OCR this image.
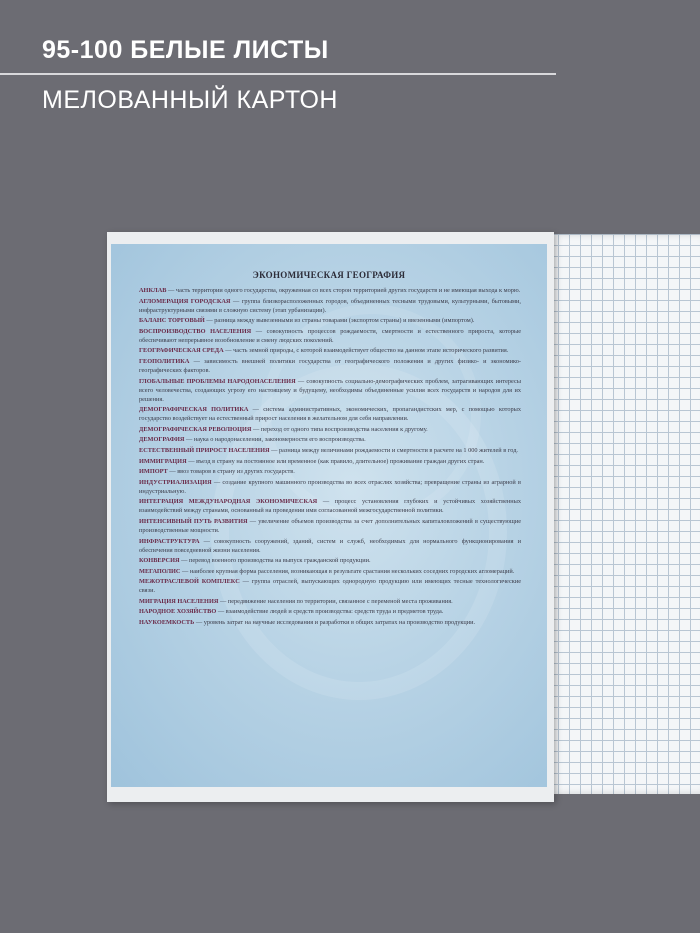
95-100 БЕЛЫЕ ЛИСТЫ
МЕЛОВАННЫЙ КАРТОН
ЭКОНОМИЧЕСКАЯ ГЕОГРАФИЯ
АНКЛАВ — часть территории одного государства, окруженная со всех сторон территорией других государств и не имеющая выхода к морю.
АГЛОМЕРАЦИЯ ГОРОДСКАЯ — группа близкорасположенных городов, объединенных тесными трудовыми, культурными, бытовыми, инфраструктурными связями в сложную систему (этап урбанизации).
БАЛАНС ТОРГОВЫЙ — разница между вывезенными из страны товарами (экспортом страны) и ввезенными (импортом).
ВОСПРОИЗВОДСТВО НАСЕЛЕНИЯ — совокупность процессов рождаемости, смертности и естественного прироста, которые обеспечивают непрерывное возобновление и смену людских поколений.
ГЕОГРАФИЧЕСКАЯ СРЕДА — часть земной природы, с которой взаимодействует общество на данном этапе исторического развития.
ГЕОПОЛИТИКА — зависимость внешней политики государства от географического положения и других физико- и экономико-географических факторов.
ГЛОБАЛЬНЫЕ ПРОБЛЕМЫ НАРОДОНАСЕЛЕНИЯ — совокупность социально-демографических проблем, затрагивающих интересы всего человечества, создающих угрозу его настоящему и будущему, необходимы объединенные усилия всех государств и народов для их решения.
ДЕМОГРАФИЧЕСКАЯ ПОЛИТИКА — система административных, экономических, пропагандистских мер, с помощью которых государство воздействует на естественный прирост населения в желательном для себя направлении.
ДЕМОГРАФИЧЕСКАЯ РЕВОЛЮЦИЯ — переход от одного типа воспроизводства населения к другому.
ДЕМОГРАФИЯ — наука о народонаселении, закономерности его воспроизводства.
ЕСТЕСТВЕННЫЙ ПРИРОСТ НАСЕЛЕНИЯ — разница между величинами рождаемости и смертности в расчете на 1 000 жителей в год.
ИММИГРАЦИЯ — въезд в страну на постоянное или временное (как правило, длительное) проживание граждан других стран.
ИМПОРТ — ввоз товаров в страну из других государств.
ИНДУСТРИАЛИЗАЦИЯ — создание крупного машинного производства во всех отраслях хозяйства; превращение страны из аграрной в индустриальную.
ИНТЕГРАЦИЯ МЕЖДУНАРОДНАЯ ЭКОНОМИЧЕСКАЯ — процесс установления глубоких и устойчивых хозяйственных взаимодействий между странами, основанный на проведении ими согласованной межгосударственной политики.
ИНТЕНСИВНЫЙ ПУТЬ РАЗВИТИЯ — увеличение объемов производства за счет дополнительных капиталовложений в существующие производственные мощности.
ИНФРАСТРУКТУРА — совокупность сооружений, зданий, систем и служб, необходимых для нормального функционирования и обеспечения повседневной жизни населения.
КОНВЕРСИЯ — перевод военного производства на выпуск гражданской продукции.
МЕГАПОЛИС — наиболее крупная форма расселения, возникающая в результате срастания нескольких соседних городских агломераций.
МЕЖОТРАСЛЕВОЙ КОМПЛЕКС — группа отраслей, выпускающих однородную продукцию или имеющих тесные технологические связи.
МИГРАЦИЯ НАСЕЛЕНИЯ — передвижение населения по территории, связанное с переменой места проживания.
НАРОДНОЕ ХОЗЯЙСТВО — взаимодействие людей и средств производства: средств труда и предметов труда.
НАУКОЕМКОСТЬ — уровень затрат на научные исследования и разработки в общих затратах на производство продукции.
